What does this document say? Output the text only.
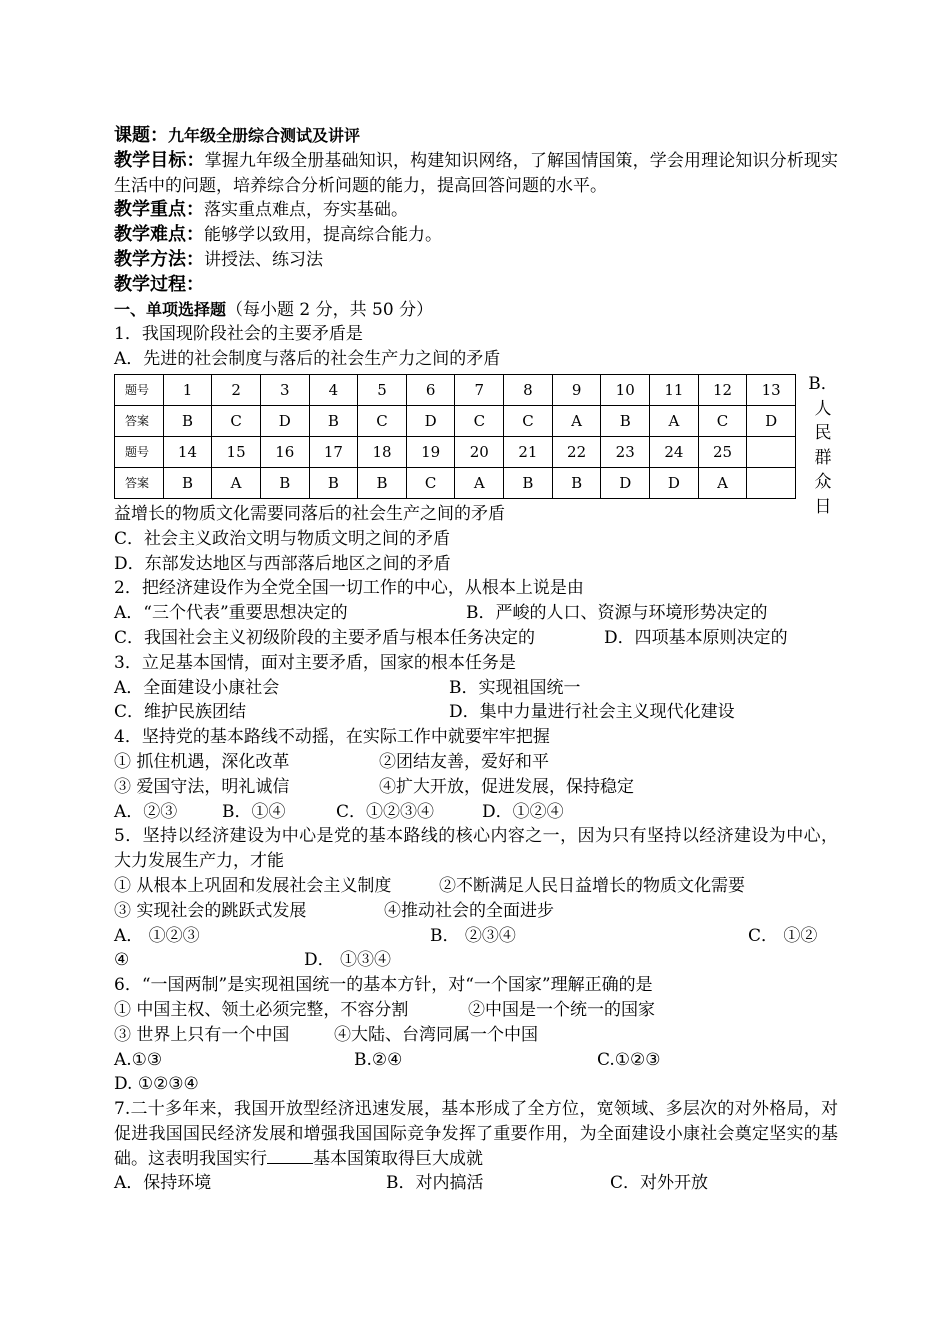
课题：九年级全册综合测试及讲评
教学目标：掌握九年级全册基础知识，构建知识网络，了解国情国策，学会用理论知识分析现实生活中的问题，培养综合分析问题的能力，提高回答问题的水平。
教学重点：落实重点难点，夯实基础。
教学难点：能够学以致用，提高综合能力。
教学方法：讲授法、练习法
教学过程：
一、单项选择题（每小题 2 分，共 50 分）
1．我国现阶段社会的主要矛盾是
A．先进的社会制度与落后的社会生产力之间的矛盾
题号	1	2	3	4	5	6	7	8	9	10	11	12	13
答案	B	C	D	B	C	D	C	C	A	B	A	C	D
题号	14	15	16	17	18	19	20	21	22	23	24	25	
答案	B	A	B	B	B	C	A	B	B	D	D	A	
B．
人
民
群
众
日
益增长的物质文化需要同落后的社会生产之间的矛盾
C．社会主义政治文明与物质文明之间的矛盾
D．东部发达地区与西部落后地区之间的矛盾
2．把经济建设作为全党全国一切工作的中心，从根本上说是由
A．“三个代表”重要思想决定的	B．严峻的人口、资源与环境形势决定的
C．我国社会主义初级阶段的主要矛盾与根本任务决定的	D．四项基本原则决定的
3．立足基本国情，面对主要矛盾，国家的根本任务是
A．全面建设小康社会	B．实现祖国统一
C．维护民族团结	D．集中力量进行社会主义现代化建设
4．坚持党的基本路线不动摇，在实际工作中就要牢牢把握
① 抓住机遇，深化改革	②团结友善，爱好和平
③ 爱国守法，明礼诚信	④扩大开放，促进发展，保持稳定
A．②③	B．①④	C．①②③④	D．①②④
5．坚持以经济建设为中心是党的基本路线的核心内容之一，因为只有坚持以经济建设为中心，大力发展生产力，才能
① 从根本上巩固和发展社会主义制度	②不断满足人民日益增长的物质文化需要
③ 实现社会的跳跃式发展	④推动社会的全面进步
A． ①②③	B． ②③④	C． ①②
④	D． ①③④
6．“一国两制”是实现祖国统一的基本方针，对“一个国家”理解正确的是
① 中国主权、领土必须完整，不容分割	②中国是一个统一的国家
③ 世界上只有一个中国	④大陆、台湾同属一个中国
A.①③	B.②④	C.①②③
D. ①②③④
7.二十多年来，我国开放型经济迅速发展，基本形成了全方位，宽领域、多层次的对外格局，对促进我国国民经济发展和增强我国国际竞争发挥了重要作用，为全面建设小康社会奠定坚实的基础。这表明我国实行	基本国策取得巨大成就
A．保持环境	B．对内搞活	C．对外开放
